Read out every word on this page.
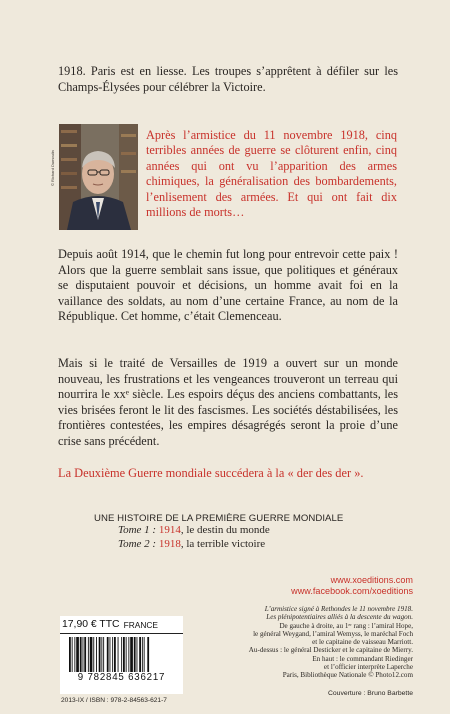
1918. Paris est en liesse. Les troupes s’apprêtent à défiler sur les Champs-Élysées pour célébrer la Victoire.

© Richard Dumoulin

Après l’armistice du 11 novembre 1918, cinq terribles années de guerre se clôturent enfin, cinq années qui ont vu l’apparition des armes chimiques, la généralisation des bombardements, l’enlisement des armées. Et qui ont fait dix millions de morts…

Depuis août 1914, que le chemin fut long pour entrevoir cette paix ! Alors que la guerre semblait sans issue, que politiques et généraux se disputaient pouvoir et décisions, un homme avait foi en la vaillance des soldats, au nom d’une certaine France, au nom de la République. Cet homme, c’était Clemenceau.

Mais si le traité de Versailles de 1919 a ouvert sur un monde nouveau, les frustrations et les vengeances trouveront un terreau qui nourrira le xxᵉ siècle. Les espoirs déçus des anciens combattants, les vies brisées feront le lit des fascismes. Les sociétés déstabilisées, les frontières contestées, les empires désagrégés seront la proie d’une crise sans précédent.

La Deuxième Guerre mondiale succédera à la « der des der ».

UNE HISTOIRE DE LA PREMIÈRE GUERRE MONDIALE
Tome 1 : 1914, le destin du monde
Tome 2 : 1918, la terrible victoire
www.xoeditions.com
www.facebook.com/xoeditions
L’armistice signé à Rethondes le 11 novembre 1918.
Les plénipotentiaires alliés à la descente du wagon.
De gauche à droite, au 1ᵉʳ rang : l’amiral Hope,
le général Weygand, l’amiral Wemyss, le maréchal Foch
et le capitaine de vaisseau Marriott.
Au-dessus : le général Desticker et le capitaine de Mierry.
En haut : le commandant Riedinger
et l’officier interprète Laperche
Paris, Bibliothèque Nationale © Photo12.com
Couverture : Bruno Barbette
17,90 € TTC FRANCE
9 782845 636217
2013-IX / ISBN : 978-2-84563-621-7
